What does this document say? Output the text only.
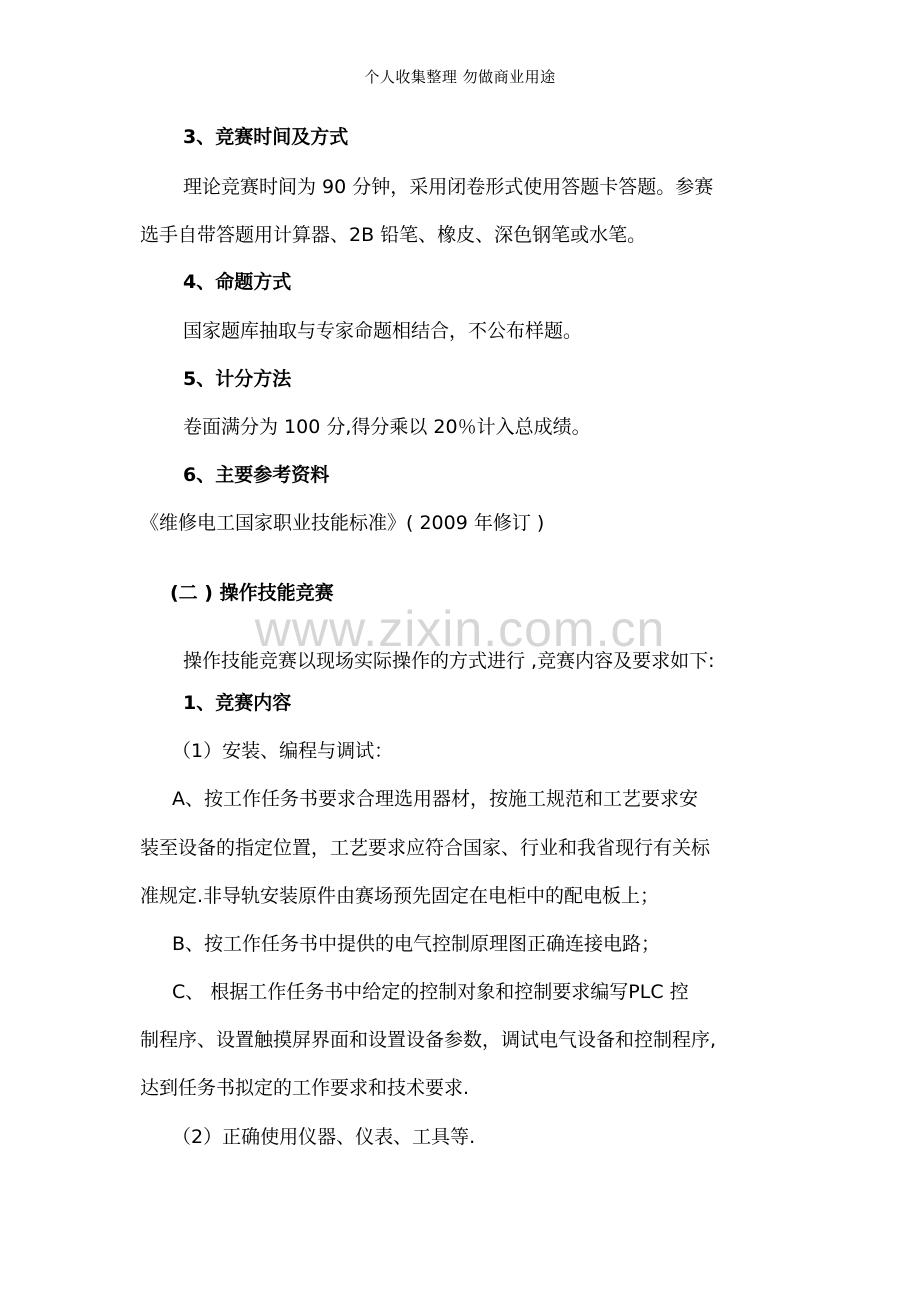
个人收集整理 勿做商业用途
www.zixin.com.cn
3、竞赛时间及方式
理论竞赛时间为 90 分钟，采用闭卷形式使用答题卡答题。参赛
选手自带答题用计算器、2B 铅笔、橡皮、深色钢笔或水笔。
4、命题方式
国家题库抽取与专家命题相结合，不公布样题。
5、计分方法
卷面满分为 100 分,得分乘以 20％计入总成绩。
6、主要参考资料
《维修电工国家职业技能标准》( 2009 年修订 )
(二 ) 操作技能竞赛
操作技能竞赛以现场实际操作的方式进行 ,竞赛内容及要求如下:
1、竞赛内容
（1）安装、编程与调试：
A、按工作任务书要求合理选用器材，按施工规范和工艺要求安
装至设备的指定位置，工艺要求应符合国家、行业和我省现行有关标
准规定.非导轨安装原件由赛场预先固定在电柜中的配电板上；
B、按工作任务书中提供的电气控制原理图正确连接电路；
C、 根据工作任务书中给定的控制对象和控制要求编写PLC 控
制程序、设置触摸屏界面和设置设备参数，调试电气设备和控制程序,
达到任务书拟定的工作要求和技术要求.
（2）正确使用仪器、仪表、工具等.
